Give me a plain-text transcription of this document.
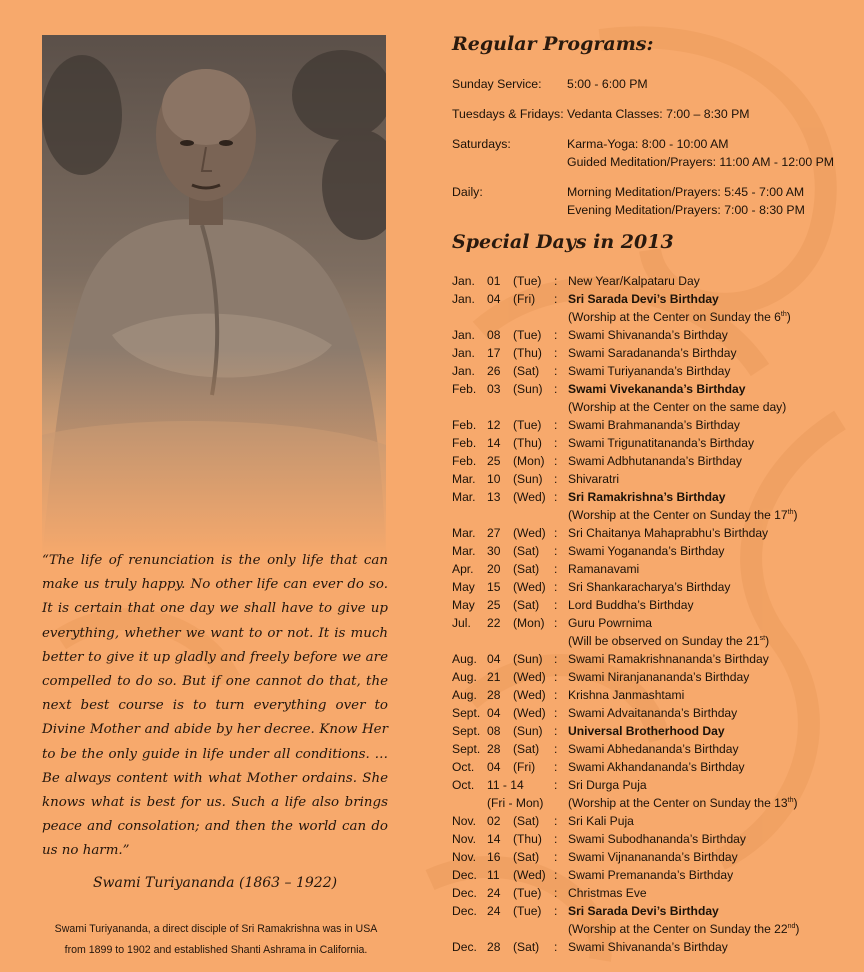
“The life of renunciation is the only life that can make us truly happy. No other life can ever do so. It is certain that one day we shall have to give up everything, whether we want to or not. It is much better to give it up gladly and freely before we are compelled to do so. But if one cannot do that, the next best course is to turn everything over to Divine Mother and abide by her decree. Know Her to be the only guide in life under all conditions. …Be always content with what Mother ordains. She knows what is best for us. Such a life also brings peace and consolation; and then the world can do us no harm.”
Swami Turiyananda (1863 – 1922)
Swami Turiyananda, a direct disciple of Sri Ramakrishna was in USA
from 1899 to 1902 and established Shanti Ashrama in California.
Regular Programs:
Sunday Service: 5:00 - 6:00 PM
Tuesdays & Fridays: Vedanta Classes: 7:00 – 8:30 PM
Saturdays:	Karma-Yoga: 8:00 - 10:00 AM
Guided Meditation/Prayers: 11:00 AM - 12:00 PM
Daily:	Morning Meditation/Prayers: 5:45 - 7:00 AM
Evening Meditation/Prayers: 7:00 - 8:30 PM
Special Days in 2013
Jan. 01 (Tue) : New Year/Kalpataru Day
Jan. 04 (Fri) : Sri Sarada Devi’s Birthday
(Worship at the Center on Sunday the 6th)
Jan. 08 (Tue) : Swami Shivananda’s Birthday
Jan. 17 (Thu) : Swami Saradananda’s Birthday
Jan. 26 (Sat) : Swami Turiyananda’s Birthday
Feb. 03 (Sun) : Swami Vivekananda’s Birthday
(Worship at the Center on the same day)
Feb. 12 (Tue) : Swami Brahmananda’s Birthday
Feb. 14 (Thu) : Swami Trigunatitananda’s Birthday
Feb. 25 (Mon) : Swami Adbhutananda’s Birthday
Mar. 10 (Sun) : Shivaratri
Mar. 13 (Wed) : Sri Ramakrishna’s Birthday
(Worship at the Center on Sunday the 17th)
Mar. 27 (Wed) : Sri Chaitanya Mahaprabhu’s Birthday
Mar. 30 (Sat) : Swami Yogananda’s Birthday
Apr. 20 (Sat) : Ramanavami
May 15 (Wed) : Sri Shankaracharya’s Birthday
May 25 (Sat) : Lord Buddha’s Birthday
Jul. 22 (Mon) : Guru Powrnima
(Will be observed on Sunday the 21st)
Aug. 04 (Sun) : Swami Ramakrishnananda’s Birthday
Aug. 21 (Wed) : Swami Niranjanananda’s Birthday
Aug. 28 (Wed) : Krishna Janmashtami
Sept. 04 (Wed) : Swami Advaitananda’s Birthday
Sept. 08 (Sun) : Universal Brotherhood Day
Sept. 28 (Sat) : Swami Abhedananda’s Birthday
Oct. 04 (Fri) : Swami Akhandananda’s Birthday
Oct. 11 - 14 : Sri Durga Puja
(Fri - Mon) (Worship at the Center on Sunday the 13th)
Nov. 02 (Sat) : Sri Kali Puja
Nov. 14 (Thu) : Swami Subodhananda’s Birthday
Nov. 16 (Sat) : Swami Vijnanananda’s Birthday
Dec. 11 (Wed) : Swami Premananda’s Birthday
Dec. 24 (Tue) : Christmas Eve
Dec. 24 (Tue) : Sri Sarada Devi’s Birthday
(Worship at the Center on Sunday the 22nd)
Dec. 28 (Sat) : Swami Shivananda’s Birthday
